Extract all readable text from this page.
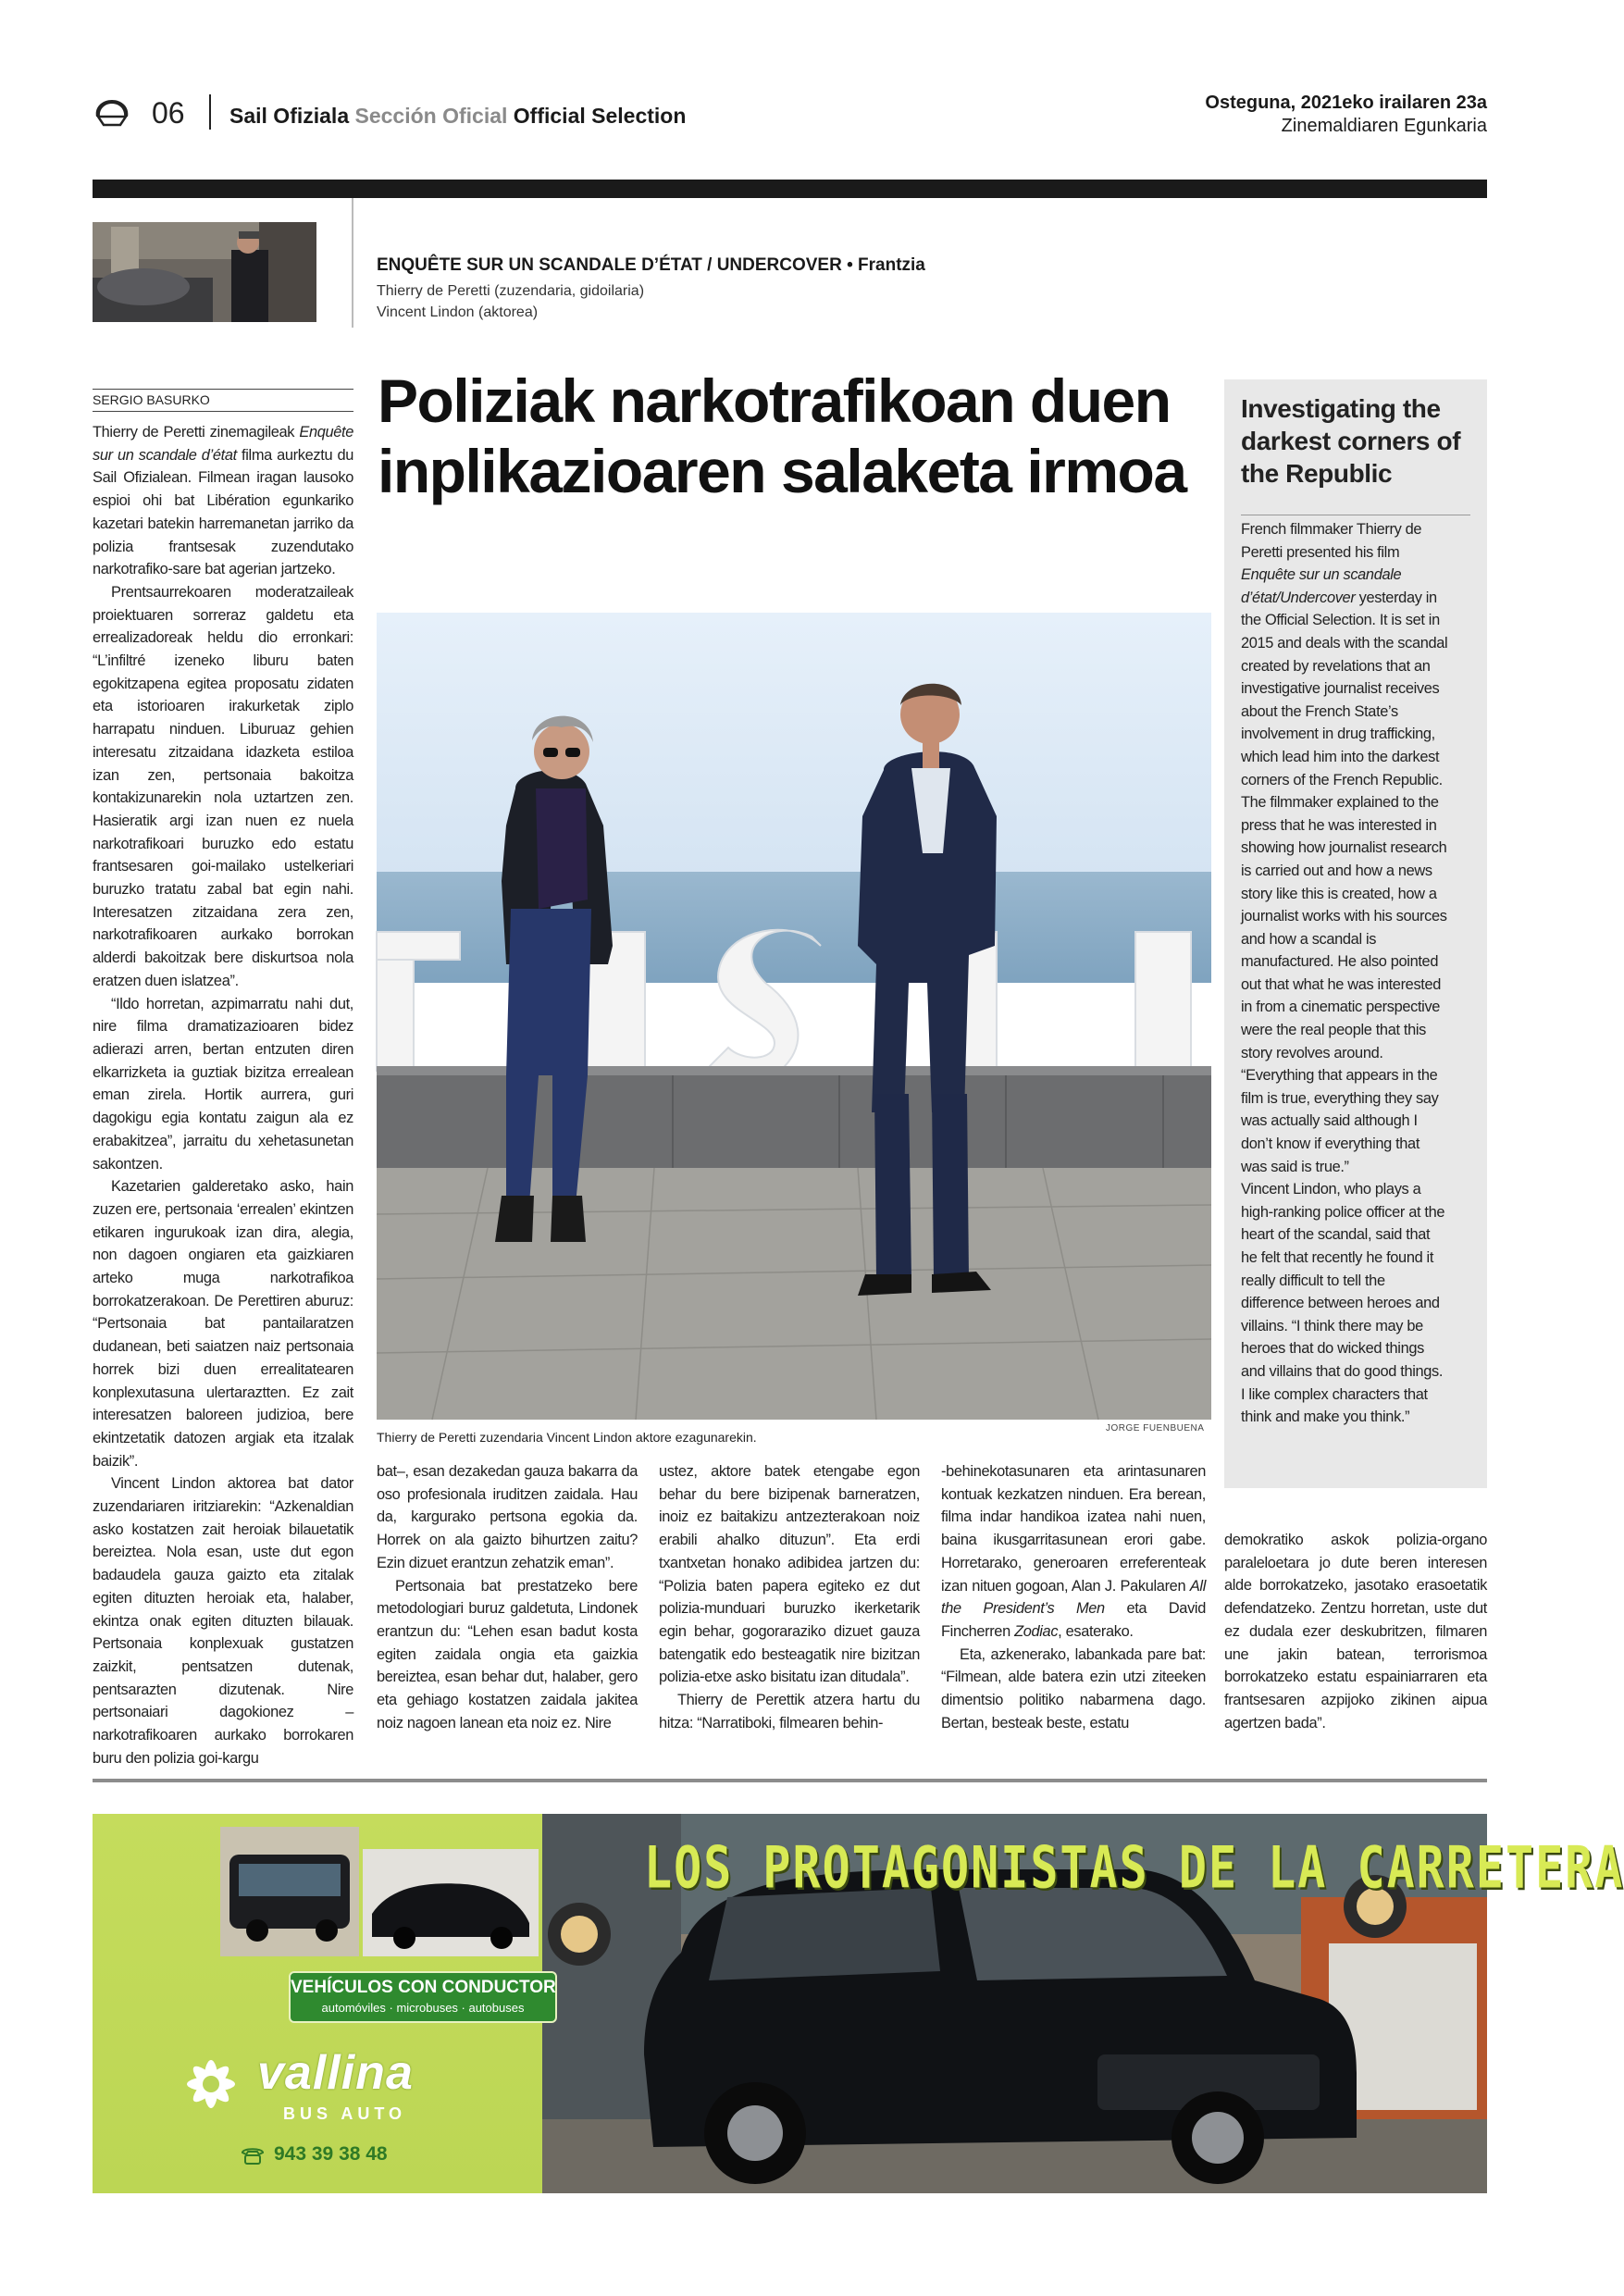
06 Sail Ofiziala Sección Oficial Official Selection
Osteguna, 2021eko irailaren 23a
Zinemaldiaren Egunkaria
ENQUÊTE SUR UN SCANDALE D’ÉTAT / UNDERCOVER • Frantzia
Thierry de Peretti (zuzendaria, gidoilaria)
Vincent Lindon (aktorea)
SERGIO BASURKO

Thierry de Peretti zinemagileak Enquête sur un scandale d’état filma aurkeztu du Sail Ofizialean. Filmean iragan lausoko espioi ohi bat Libération egunkariko kazetari batekin harremanetan jarriko da polizia frantsesak zuzendutako narkotrafiko-sare bat agerian jartzeko.

Prentsaurrekoaren moderatzaileak proiektuaren sorreraz galdetu eta errealizadoreak heldu dio erronkari: “L’infiltré izeneko liburu baten egokitzapena egitea proposatu zidaten eta istorioaren irakurketak ziplo harrapatu ninduen. Liburuaz gehien interesatu zitzaidana idazketa estiloa izan zen, pertsonaia bakoitza kontakizunarekin nola uztartzen zen. Hasieratik argi izan nuen ez nuela narkotrafikoari buruzko edo estatu frantsesaren goi-mailako ustelkeriari buruzko tratatu zabal bat egin nahi. Interesatzen zitzaidana zera zen, narkotrafikoaren aurkako borrokan alderdi bakoitzak bere diskurtsoa nola eratzen duen islatzea”.

“Ildo horretan, azpimarratu nahi dut, nire filma dramatizazioaren bidez adierazi arren, bertan entzuten diren elkarrizketa ia guztiak bizitza errealean eman zirela. Hortik aurrera, guri dagokigu egia kontatu zaigun ala ez erabakitzea”, jarraitu du xehetasunetan sakontzen.

Kazetarien galderetako asko, hain zuzen ere, pertsonaia ‘errealen’ ekintzen etikaren ingurukoak izan dira, alegia, non dagoen ongiaren eta gaizkiaren arteko muga narkotrafikoa borrokatzerakoan. De Perettiren aburuz: “Pertsonaia bat pantailaratzen dudanean, beti saiatzen naiz pertsonaia horrek bizi duen errealitatearen konplexutasuna ulertaraztten. Ez zait interesatzen baloreen judizioa, bere ekintzetatik datozen argiak eta itzalak baizik”.

Vincent Lindon aktorea bat dator zuzendariaren iritziarekin: “Azkenaldian asko kostatzen zait heroiak bilauetatik bereiztea. Nola esan, uste dut egon badaudela gauza gaizto eta zitalak egiten dituzten heroiak eta, halaber, ekintza onak egiten dituzten bilauak. Pertsonaia konplexuak gustatzen zaizkit, pentsatzen dutenak, pentsarazten dizutenak. Nire pertsonaiari dagokionez –narkotrafikoaren aurkako borrokaren buru den polizia goi-kargu

Poliziak narkotrafikoan duen inplikazioaren salaketa irmoa
Thierry de Peretti zuzendaria Vincent Lindon aktore ezagunarekin.
JORGE FUENBUENA

bat–, esan dezakedan gauza bakarra da oso profesionala iruditzen zaidala. Hau da, kargurako pertsona egokia da. Horrek on ala gaizto bihurtzen zaitu? Ezin dizuet erantzun zehatzik eman”.

Pertsonaia bat prestatzeko bere metodologiari buruz galdetuta, Lindonek erantzun du: “Lehen esan badut kosta egiten zaidala ongia eta gaizkia bereiztea, esan behar dut, halaber, gero eta gehiago kostatzen zaidala jakitea noiz nagoen lanean eta noiz ez. Nire

ustez, aktore batek etengabe egon behar du bere bizipenak barneratzen, inoiz ez baitakizu antzezterakoan noiz erabili ahalko dituzun”. Eta erdi txantxetan honako adibidea jartzen du: “Polizia baten papera egiteko ez dut polizia-munduari buruzko ikerketarik egin behar, gogoraraziko dizuet gauza batengatik edo besteagatik nire bizitzan polizia-etxe asko bisitatu izan ditudala”.

Thierry de Perettik atzera hartu du hitza: “Narratiboki, filmearen behin-

-behinekotasunaren eta arintasunaren kontuak kezkatzen ninduen. Era berean, filma indar handikoa izatea nahi nuen, baina ikusgarritasunean erori gabe. Horretarako, generoaren erreferenteak izan nituen gogoan, Alan J. Pakularen All the President’s Men eta David Fincherren Zodiac, esaterako.

Eta, azkenerako, labankada pare bat: “Filmean, alde batera ezin utzi ziteeken dimentsio politiko nabarmena dago. Bertan, besteak beste, estatu

demokratiko askok polizia-organo paraleloetara jo dute beren interesen alde borrokatzeko, jasotako erasoetatik defendatzeko. Zentzu horretan, uste dut ez dudala ezer deskubritzen, filmaren une jakin batean, terrorismoa borrokatzeko estatu espainiarraren eta frantsesaren azpijoko zikinen aipua agertzen bada”.

Investigating the darkest corners of the Republic
French filmmaker Thierry de Peretti presented his film Enquête sur un scandale d’état/Undercover yesterday in the Official Selection. It is set in 2015 and deals with the scandal created by revelations that an investigative journalist receives about the French State’s involvement in drug trafficking, which lead him into the darkest corners of the French Republic. The filmmaker explained to the press that he was interested in showing how journalist research is carried out and how a news story like this is created, how a journalist works with his sources and how a scandal is manufactured. He also pointed out that what he was interested in from a cinematic perspective were the real people that this story revolves around. “Everything that appears in the film is true, everything they say was actually said although I don’t know if everything that was said is true.”
Vincent Lindon, who plays a high-ranking police officer at the heart of the scandal, said that he felt that recently he found it really difficult to tell the difference between heroes and villains. “I think there may be heroes that do wicked things and villains that do good things. I like complex characters that think and make you think.”
LOS PROTAGONISTAS DE LA CARRETERA
VEHÍCULOS CON CONDUCTOR
automóviles · microbuses · autobuses
vallina
BUS AUTO
943 39 38 48
